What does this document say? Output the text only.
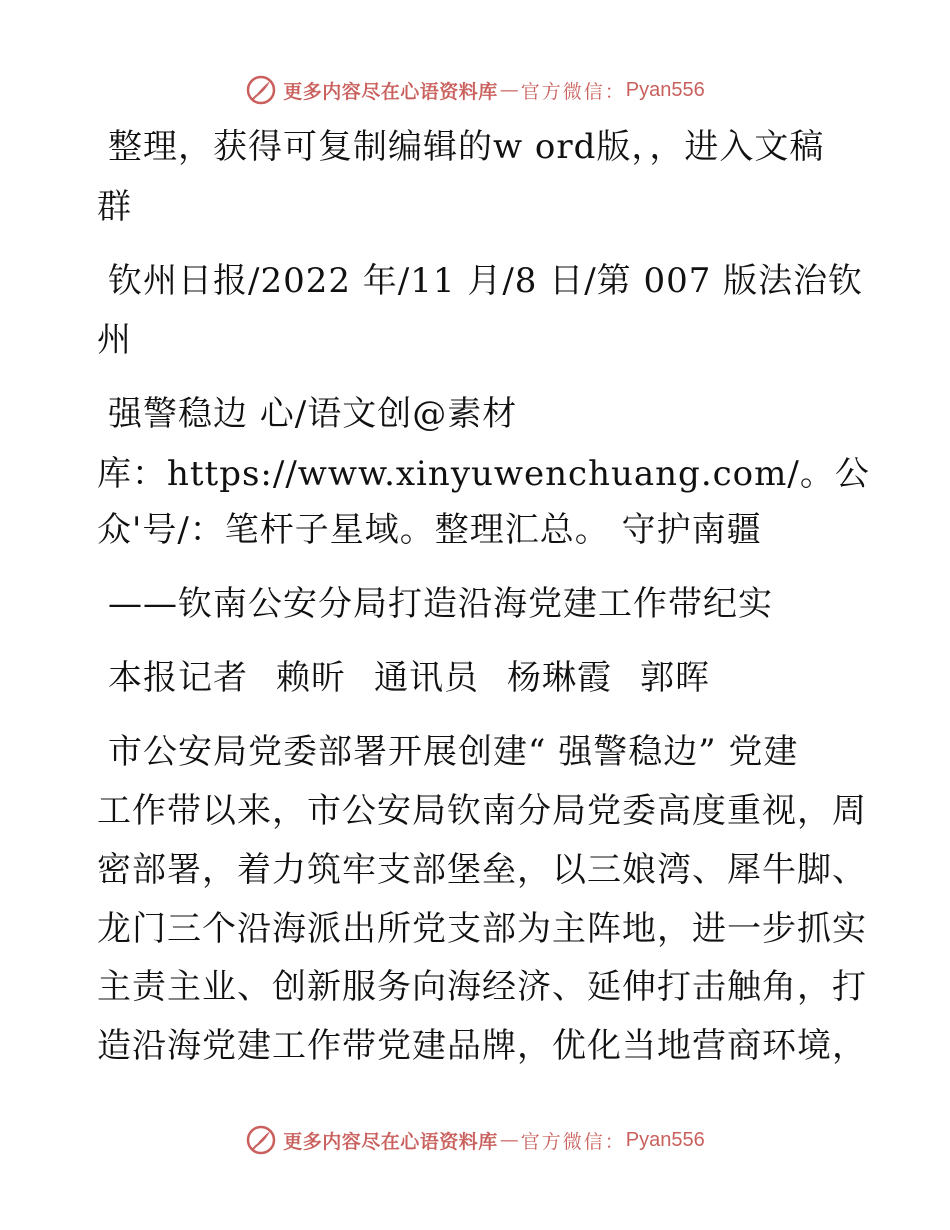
更多内容尽在心语资料库 — 官方微信： Pyan556
整理，获得可复制编辑的w ord版，，进入文稿
群
钦州日报/2022 年/11 月/8 日/第 007 版法治钦
州
强警稳边 心/语文创@素材
库：https://www.xinyuwenchuang.com/。公
众'号/：笔杆子星域。整理汇总。 守护南疆
——钦南公安分局打造沿海党建工作带纪实
本报记者 赖昕 通讯员 杨琳霞 郭晖
市公安局党委部署开展创建“ 强警稳边” 党建
工作带以来，市公安局钦南分局党委高度重视，周
密部署，着力筑牢支部堡垒，以三娘湾、犀牛脚、
龙门三个沿海派出所党支部为主阵地，进一步抓实
主责主业、创新服务向海经济、延伸打击触角，打
造沿海党建工作带党建品牌，优化当地营商环境，
更多内容尽在心语资料库 — 官方微信： Pyan556
